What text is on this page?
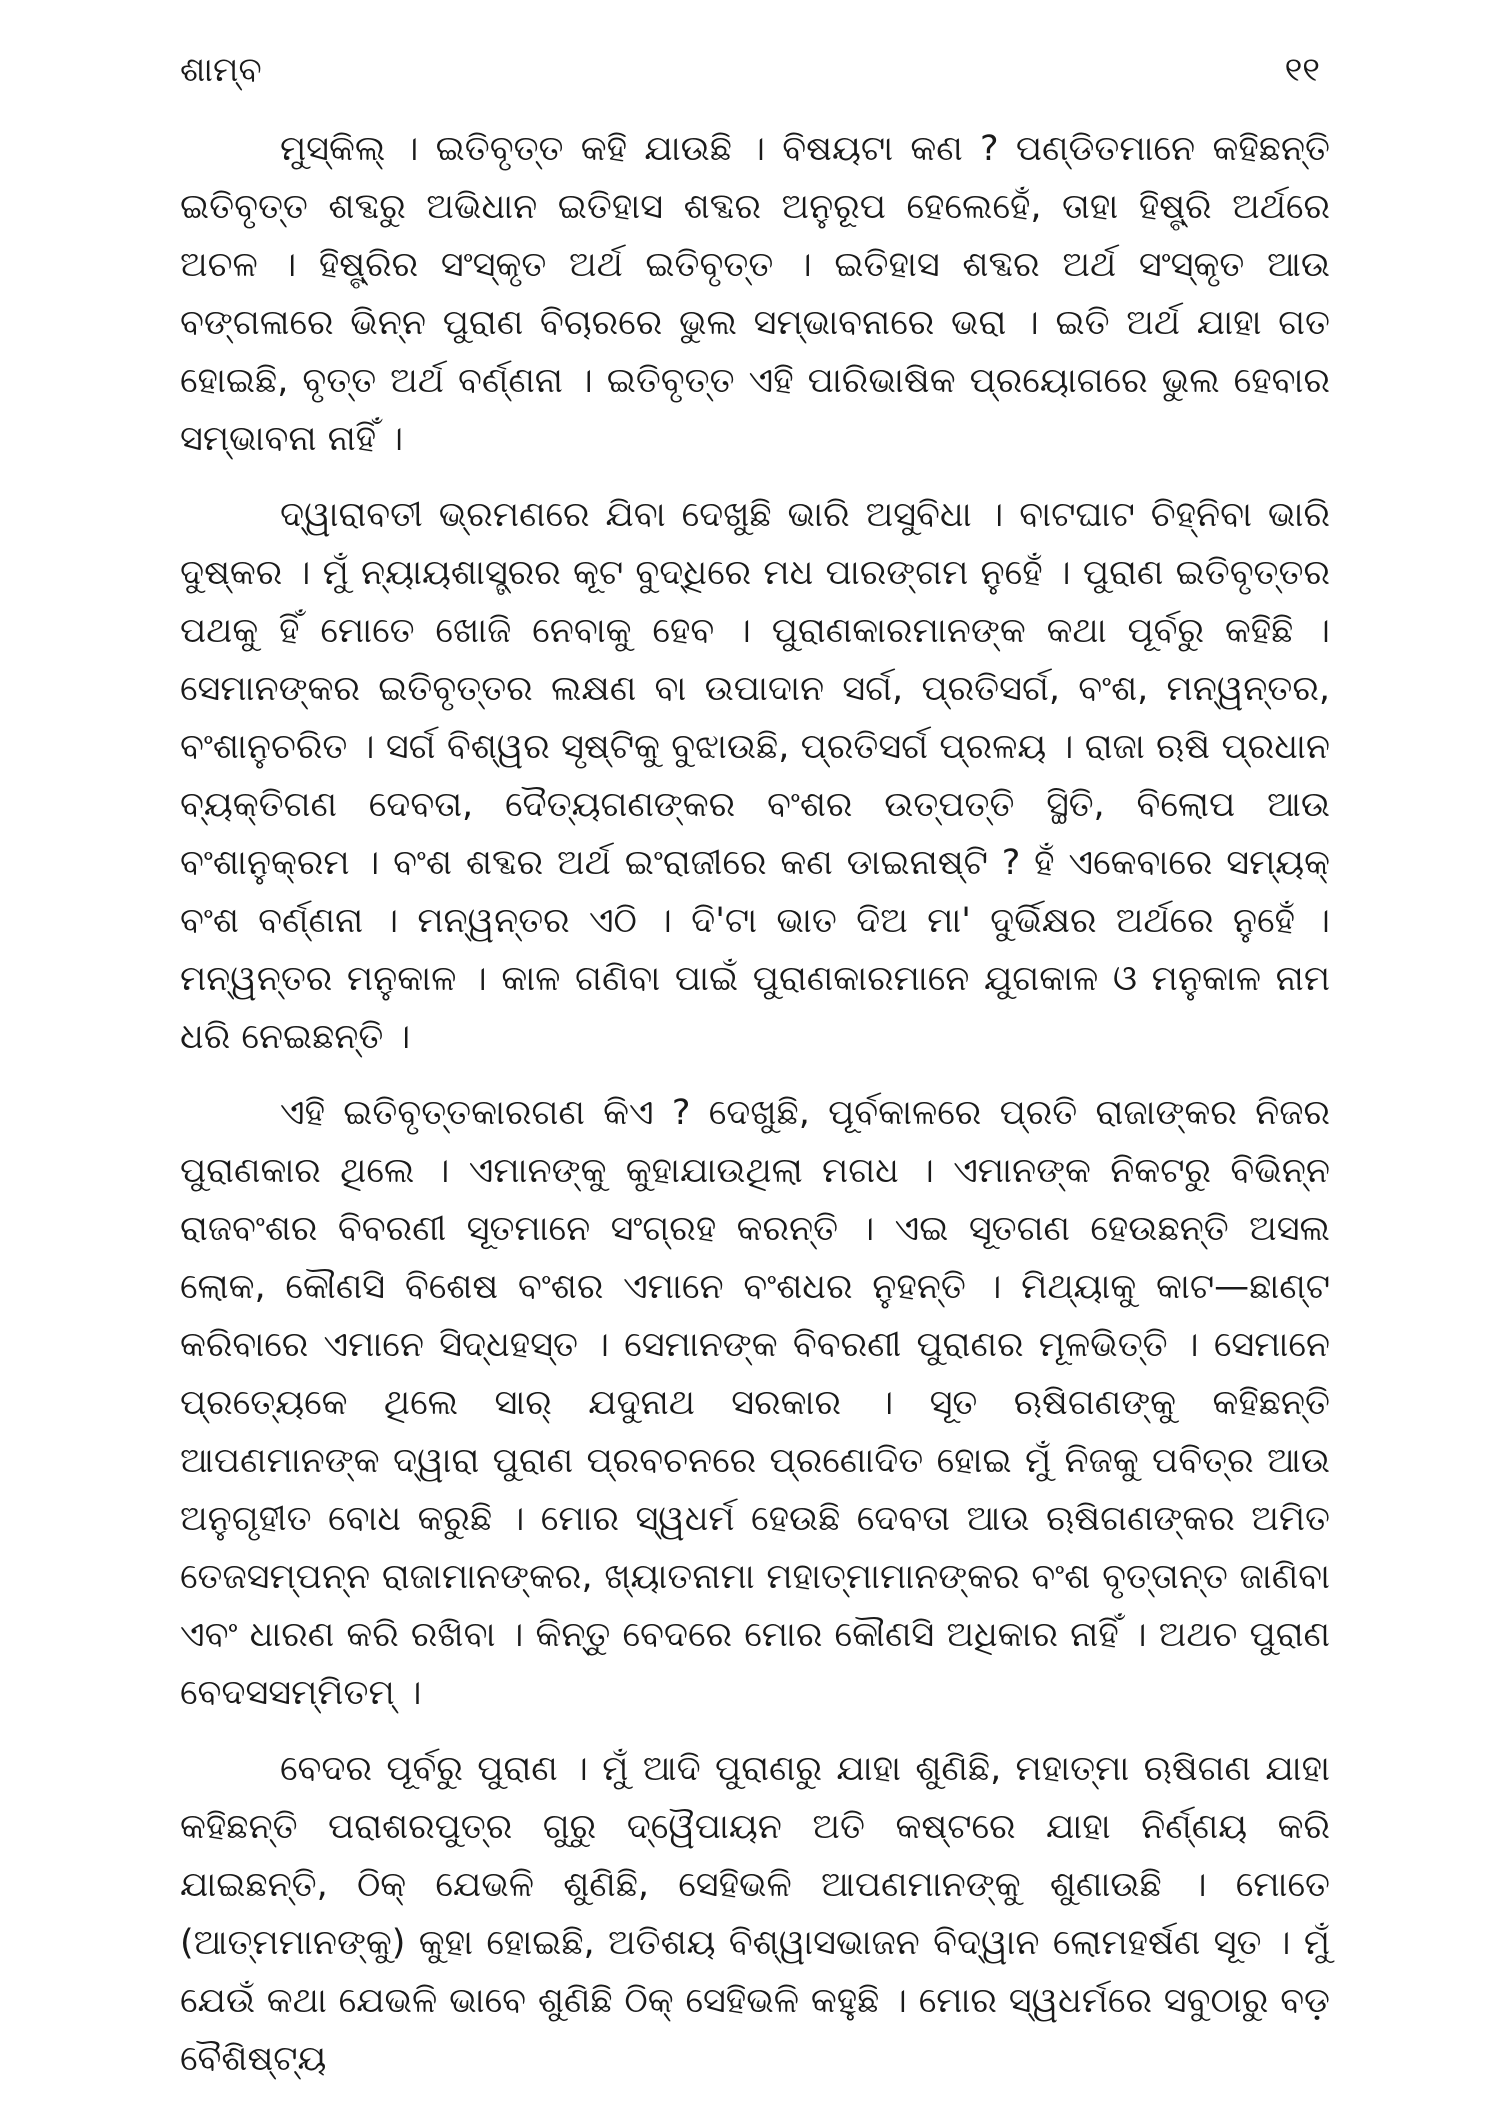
ଶାମ୍ବ	୧୧

ମୁସ୍କିଲ୍ । ଇତିବୃତ୍ତ କହି ଯାଉଛି । ବିଷୟଟା କଣ ? ପଣ୍ଡିତମାନେ କହିଛନ୍ତି ଇତିବୃତ୍ତ ଶବ୍ଦରୁ ଅଭିଧାନ ଇତିହାସ ଶବ୍ଦର ଅନୁରୂପ ହେଲେହେଁ, ତାହା ହିଷ୍ଟ୍ରି ଅର୍ଥରେ ଅଚଳ । ହିଷ୍ଟ୍ରିର ସଂସ୍କୃତ ଅର୍ଥ ଇତିବୃତ୍ତ । ଇତିହାସ ଶବ୍ଦର ଅର୍ଥ ସଂସ୍କୃତ ଆଉ ବଙ୍ଗଳାରେ ଭିନ୍ନ ପୁରାଣ ବିଚାରରେ ଭୁଲ ସମ୍ଭାବନାରେ ଭରା । ଇତି ଅର୍ଥ ଯାହା ଗତ ହୋଇଛି, ବୃତ୍ତ ଅର୍ଥ ବର୍ଣ୍ଣନା । ଇତିବୃତ୍ତ ଏହି ପାରିଭାଷିକ ପ୍ରୟୋଗରେ ଭୁଲ ହେବାର ସମ୍ଭାବନା ନାହିଁ ।

ଦ୍ୱାରାବତୀ ଭ୍ରମଣରେ ଯିବା ଦେଖୁଛି ଭାରି ଅସୁବିଧା । ବାଟଘାଟ ଚିହ୍ନିବା ଭାରି ଦୁଷ୍କର । ମୁଁ ନ୍ୟାୟଶାସ୍ତ୍ରର କୂଟ ବୁଦ୍ଧିରେ ମଧ ପାରଙ୍ଗମ ନୁହେଁ । ପୁରାଣ ଇତିବୃତ୍ତର ପଥକୁ ହିଁ ମୋତେ ଖୋଜି ନେବାକୁ ହେବ । ପୁରାଣକାରମାନଙ୍କ କଥା ପୂର୍ବରୁ କହିଛି । ସେମାନଙ୍କର ଇତିବୃତ୍ତର ଲକ୍ଷଣ ବା ଉପାଦାନ ସର୍ଗ, ପ୍ରତିସର୍ଗ, ବଂଶ, ମନ୍ୱନ୍ତର, ବଂଶାନୁଚରିତ । ସର୍ଗ ବିଶ୍ୱର ସୃଷ୍ଟିକୁ ବୁଝାଉଛି, ପ୍ରତିସର୍ଗ ପ୍ରଳୟ । ରାଜା ଋଷି ପ୍ରଧାନ ବ୍ୟକ୍ତିଗଣ ଦେବତା, ଦୈତ୍ୟଗଣଙ୍କର ବଂଶର ଉତ୍ପତ୍ତି ସ୍ଥିତି, ବିଲୋପ ଆଉ ବଂଶାନୁକ୍ରମ । ବଂଶ ଶବ୍ଦର ଅର୍ଥ ଇଂରାଜୀରେ କଣ ଡାଇନାଷ୍ଟି ? ହଁ ଏକେବାରେ ସମ୍ୟକ୍ ବଂଶ ବର୍ଣ୍ଣନା । ମନ୍ୱନ୍ତର ଏଠି । ଦି'ଟା ଭାତ ଦିଅ ମା' ଦୁର୍ଭିକ୍ଷର ଅର୍ଥରେ ନୁହେଁ । ମନ୍ୱନ୍ତର ମନୁକାଳ । କାଳ ଗଣିବା ପାଇଁ ପୁରାଣକାରମାନେ ଯୁଗକାଳ ଓ ମନୁକାଳ ନାମ ଧରି ନେଇଛନ୍ତି ।

ଏହି ଇତିବୃତ୍ତକାରଗଣ କିଏ ? ଦେଖୁଛି, ପୂର୍ବକାଳରେ ପ୍ରତି ରାଜାଙ୍କର ନିଜର ପୁରାଣକାର ଥିଲେ । ଏମାନଙ୍କୁ କୁହାଯାଉଥିଲା ମଗଧ । ଏମାନଙ୍କ ନିକଟରୁ ବିଭିନ୍ନ ରାଜବଂଶର ବିବରଣୀ ସୂତମାନେ ସଂଗ୍ରହ କରନ୍ତି । ଏଇ ସୂତଗଣ ହେଉଛନ୍ତି ଅସଲ ଲୋକ, କୌଣସି ବିଶେଷ ବଂଶର ଏମାନେ ବଂଶଧର ନୁହନ୍ତି । ମିଥ୍ୟାକୁ କାଟ—ଛାଣ୍ଟ କରିବାରେ ଏମାନେ ସିଦ୍ଧହସ୍ତ । ସେମାନଙ୍କ ବିବରଣୀ ପୁରାଣର ମୂଳଭିତ୍ତି । ସେମାନେ ପ୍ରତ୍ୟେକେ ଥିଲେ ସାର୍ ଯଦୁନାଥ ସରକାର । ସୂତ ଋଷିଗଣଙ୍କୁ କହିଛନ୍ତି ଆପଣମାନଙ୍କ ଦ୍ୱାରା ପୁରାଣ ପ୍ରବଚନରେ ପ୍ରଣୋଦିତ ହୋଇ ମୁଁ ନିଜକୁ ପବିତ୍ର ଆଉ ଅନୁଗୃହୀତ ବୋଧ କରୁଛି । ମୋର ସ୍ୱଧର୍ମ ହେଉଛି ଦେବତା ଆଉ ଋଷିଗଣଙ୍କର ଅମିତ ତେଜସମ୍ପନ୍ନ ରାଜାମାନଙ୍କର, ଖ୍ୟାତନାମା ମହାତ୍ମାମାନଙ୍କର ବଂଶ ବୃତ୍ତାନ୍ତ ଜାଣିବା ଏବଂ ଧାରଣ କରି ରଖିବା । କିନ୍ତୁ ବେଦରେ ମୋର କୌଣସି ଅଧିକାର ନାହିଁ । ଅଥଚ ପୁରାଣ ବେଦସସମ୍ମିତମ୍ ।

ବେଦର ପୂର୍ବରୁ ପୁରାଣ । ମୁଁ ଆଦି ପୁରାଣରୁ ଯାହା ଶୁଣିଛି, ମହାତ୍ମା ଋଷିଗଣ ଯାହା କହିଛନ୍ତି ପରାଶରପୁତ୍ର ଗୁରୁ ଦ୍ୱୈପାୟନ ଅତି କଷ୍ଟରେ ଯାହା ନିର୍ଣ୍ଣୟ କରି ଯାଇଛନ୍ତି, ଠିକ୍ ଯେଭଳି ଶୁଣିଛି, ସେହିଭଳି ଆପଣମାନଙ୍କୁ ଶୁଣାଉଛି । ମୋତେ (ଆତ୍ମମାନଙ୍କୁ) କୁହା ହୋଇଛି, ଅତିଶୟ ବିଶ୍ୱାସଭାଜନ ବିଦ୍ୱାନ ଲୋମହର୍ଷଣ ସୂତ । ମୁଁ ଯେଉଁ କଥା ଯେଭଳି ଭାବେ ଶୁଣିଛି ଠିକ୍ ସେହିଭଳି କହୁଛି । ମୋର ସ୍ୱଧର୍ମରେ ସବୁଠାରୁ ବଡ଼ ବୈଶିଷ୍ଟ୍ୟ
